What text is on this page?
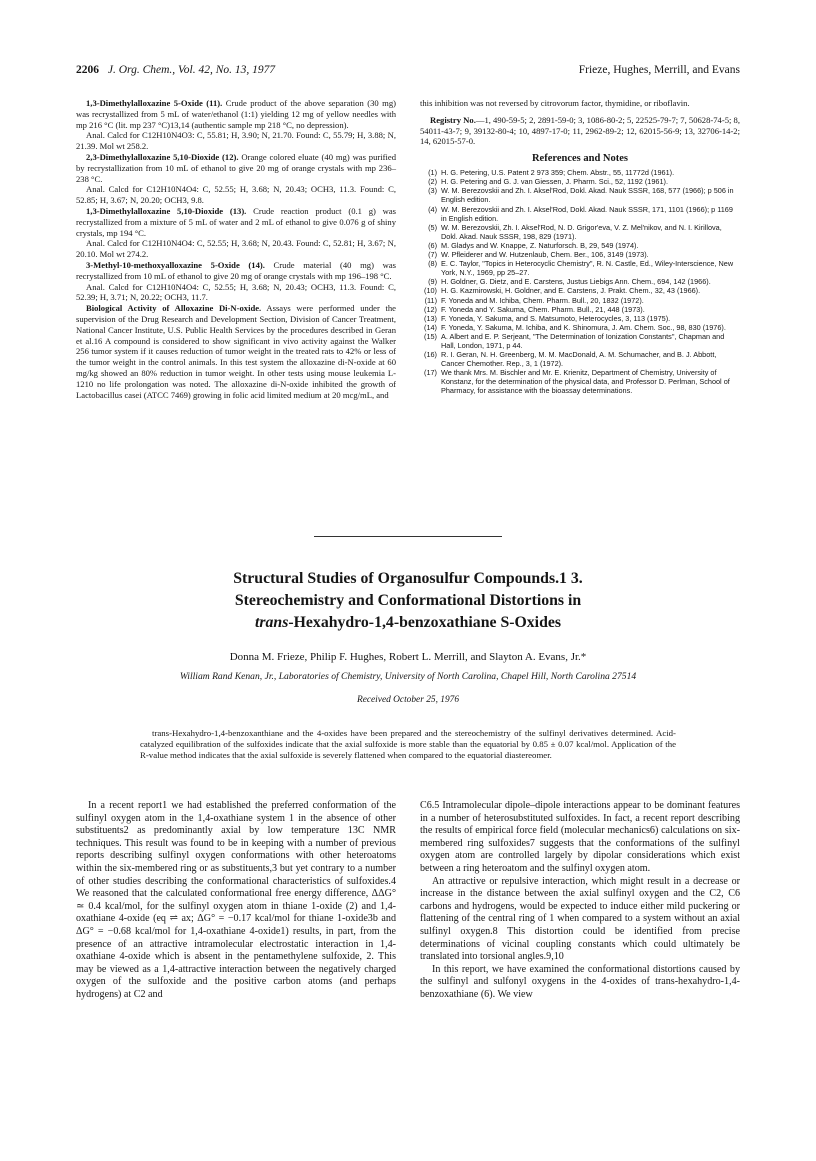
2206 J. Org. Chem., Vol. 42, No. 13, 1977	Frieze, Hughes, Merrill, and Evans

1,3-Dimethylalloxazine 5-Oxide (11). Crude product of the above separation (30 mg) was recrystallized from 5 mL of water/ethanol (1:1) yielding 12 mg of yellow needles with mp 216 °C (lit. mp 237 °C)13,14 (authentic sample mp 218 °C, no depression).

Anal. Calcd for C12H10N4O3: C, 55.81; H, 3.90; N, 21.70. Found: C, 55.79; H, 3.88; N, 21.39. Mol wt 258.2.

2,3-Dimethylalloxazine 5,10-Dioxide (12). Orange colored eluate (40 mg) was purified by recrystallization from 10 mL of ethanol to give 20 mg of orange crystals with mp 236–238 °C.

Anal. Calcd for C12H10N4O4: C, 52.55; H, 3.68; N, 20.43; OCH3, 11.3. Found: C, 52.85; H, 3.67; N, 20.20; OCH3, 9.8.

1,3-Dimethylalloxazine 5,10-Dioxide (13). Crude reaction product (0.1 g) was recrystallized from a mixture of 5 mL of water and 2 mL of ethanol to give 0.076 g of shiny crystals, mp 194 °C.

Anal. Calcd for C12H10N4O4: C, 52.55; H, 3.68; N, 20.43. Found: C, 52.81; H, 3.67; N, 20.10. Mol wt 274.2.

3-Methyl-10-methoxyalloxazine 5-Oxide (14). Crude material (40 mg) was recrystallized from 10 mL of ethanol to give 20 mg of orange crystals with mp 196–198 °C.

Anal. Calcd for C12H10N4O4: C, 52.55; H, 3.68; N, 20.43; OCH3, 11.3. Found: C, 52.39; H, 3.71; N, 20.22; OCH3, 11.7.

Biological Activity of Alloxazine Di-N-oxide. Assays were performed under the supervision of the Drug Research and Development Section, Division of Cancer Treatment, National Cancer Institute, U.S. Public Health Services by the procedures described in Geran et al.16 A compound is considered to show significant in vivo activity against the Walker 256 tumor system if it causes reduction of tumor weight in the treated rats to 42% or less of the tumor weight in the control animals. In this test system the alloxazine di-N-oxide at 60 mg/kg showed an 80% reduction in tumor weight. In other tests using mouse leukemia L-1210 no life prolongation was noted. The alloxazine di-N-oxide inhibited the growth of Lactobacillus casei (ATCC 7469) growing in folic acid limited medium at 20 mcg/mL, and

this inhibition was not reversed by citrovorum factor, thymidine, or riboflavin.

Registry No.—1, 490-59-5; 2, 2891-59-0; 3, 1086-80-2; 5, 22525-79-7; 7, 50628-74-5; 8, 54011-43-7; 9, 39132-80-4; 10, 4897-17-0; 11, 2962-89-2; 12, 62015-56-9; 13, 32706-14-2; 14, 62015-57-0.

References and Notes
(1) H. G. Petering, U.S. Patent 2 973 359; Chem. Abstr., 55, 11772d (1961).
(2) H. G. Petering and G. J. van Giessen, J. Pharm. Sci., 52, 1192 (1961).
(3) W. M. Berezovskii and Zh. I. Aksel'Rod, Dokl. Akad. Nauk SSSR, 168, 577 (1966); p 506 in English edition.
(4) W. M. Berezovskii and Zh. I. Aksel'Rod, Dokl. Akad. Nauk SSSR, 171, 1101 (1966); p 1169 in English edition.
(5) W. M. Berezovskii, Zh. I. Aksel'Rod, N. D. Grigor'eva, V. Z. Mel'nikov, and N. I. Kirillova, Dokl. Akad. Nauk SSSR, 198, 829 (1971).
(6) M. Gladys and W. Knappe, Z. Naturforsch. B, 29, 549 (1974).
(7) W. Pfleiderer and W. Hutzenlaub, Chem. Ber., 106, 3149 (1973).
(8) E. C. Taylor, "Topics in Heterocyclic Chemistry", R. N. Castle, Ed., Wiley-Interscience, New York, N.Y., 1969, pp 25–27.
(9) H. Goldner, G. Dietz, and E. Carstens, Justus Liebigs Ann. Chem., 694, 142 (1966).
(10) H. G. Kazmirowski, H. Goldner, and E. Carstens, J. Prakt. Chem., 32, 43 (1966).
(11) F. Yoneda and M. Ichiba, Chem. Pharm. Bull., 20, 1832 (1972).
(12) F. Yoneda and Y. Sakuma, Chem. Pharm. Bull., 21, 448 (1973).
(13) F. Yoneda, Y. Sakuma, and S. Matsumoto, Heterocycles, 3, 113 (1975).
(14) F. Yoneda, Y. Sakuma, M. Ichiba, and K. Shinomura, J. Am. Chem. Soc., 98, 830 (1976).
(15) A. Albert and E. P. Serjeant, "The Determination of Ionization Constants", Chapman and Hall, London, 1971, p 44.
(16) R. I. Geran, N. H. Greenberg, M. M. MacDonald, A. M. Schumacher, and B. J. Abbott, Cancer Chemother. Rep., 3, 1 (1972).
(17) We thank Mrs. M. Bischler and Mr. E. Krienitz, Department of Chemistry, University of Konstanz, for the determination of the physical data, and Professor D. Perlman, School of Pharmacy, for assistance with the bioassay determinations.
Structural Studies of Organosulfur Compounds.1 3.
Stereochemistry and Conformational Distortions in
trans-Hexahydro-1,4-benzoxathiane S-Oxides
Donna M. Frieze, Philip F. Hughes, Robert L. Merrill, and Slayton A. Evans, Jr.*
William Rand Kenan, Jr., Laboratories of Chemistry, University of North Carolina, Chapel Hill, North Carolina 27514
Received October 25, 1976

trans-Hexahydro-1,4-benzoxanthiane and the 4-oxides have been prepared and the stereochemistry of the sulfinyl derivatives determined. Acid-catalyzed equilibration of the sulfoxides indicate that the axial sulfoxide is more stable than the equatorial by 0.85 ± 0.07 kcal/mol. Application of the R-value method indicates that the axial sulfoxide is severely flattened when compared to the equatorial diastereomer.

In a recent report1 we had established the preferred conformation of the sulfinyl oxygen atom in the 1,4-oxathiane system 1 in the absence of other substituents2 as predominantly axial by low temperature 13C NMR techniques. This result was found to be in keeping with a number of previous reports describing sulfinyl oxygen conformations with other heteroatoms within the six-membered ring or as substituents,3 but yet contrary to a number of other studies describing the conformational characteristics of sulfoxides.4 We reasoned that the calculated conformational free energy difference, ΔΔG° ≃ 0.4 kcal/mol, for the sulfinyl oxygen atom in thiane 1-oxide (2) and 1,4-oxathiane 4-oxide (eq ⇌ ax; ΔG° = −0.17 kcal/mol for thiane 1-oxide3b and ΔG° = −0.68 kcal/mol for 1,4-oxathiane 4-oxide1) results, in part, from the presence of an attractive intramolecular electrostatic interaction in 1,4-oxathiane 4-oxide which is absent in the pentamethylene sulfoxide, 2. This may be viewed as a 1,4-attractive interaction between the negatively charged oxygen of the sulfoxide and the positive carbon atoms (and perhaps hydrogens) at C2 and

C6.5 Intramolecular dipole–dipole interactions appear to be dominant features in a number of heterosubstituted sulfoxides. In fact, a recent report describing the results of empirical force field (molecular mechanics6) calculations on six-membered ring sulfoxides7 suggests that the conformations of the sulfinyl oxygen atom are controlled largely by dipolar considerations which exist between a ring heteroatom and the sulfinyl oxygen atom.

An attractive or repulsive interaction, which might result in a decrease or increase in the distance between the axial sulfinyl oxygen and the C2, C6 carbons and hydrogens, would be expected to induce either mild puckering or flattening of the central ring of 1 when compared to a system without an axial sulfinyl oxygen.8 This distortion could be identified from precise determinations of vicinal coupling constants which could ultimately be translated into torsional angles.9,10

In this report, we have examined the conformational distortions caused by the sulfinyl and sulfonyl oxygens in the 4-oxides of trans-hexahydro-1,4-benzoxathiane (6). We view
